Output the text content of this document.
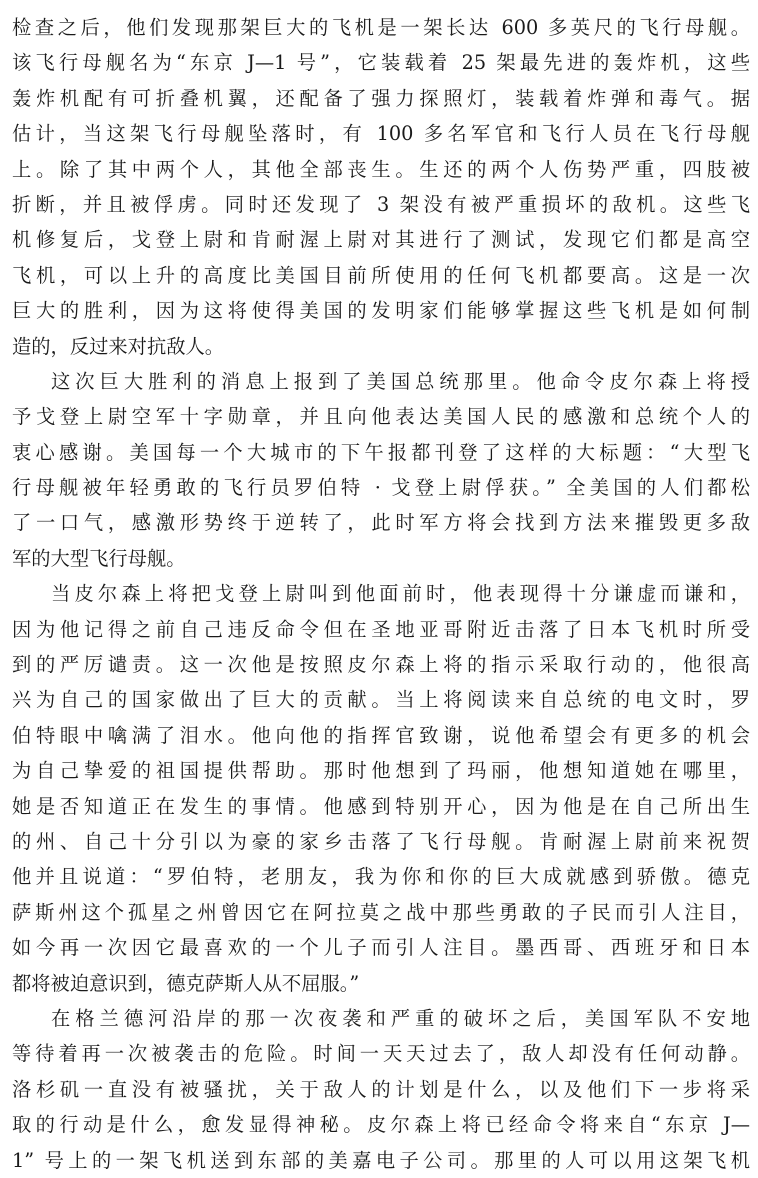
检查之后，他们发现那架巨大的飞机是一架长达 600 多英尺的飞行母舰。
该飞行母舰名为“东京 J—1 号”，它装载着 25 架最先进的轰炸机，这些
轰炸机配有可折叠机翼，还配备了强力探照灯，装载着炸弹和毒气。据
估计，当这架飞行母舰坠落时，有 100 多名军官和飞行人员在飞行母舰
上。除了其中两个人，其他全部丧生。生还的两个人伤势严重，四肢被
折断，并且被俘虏。同时还发现了 3 架没有被严重损坏的敌机。这些飞
机修复后，戈登上尉和肯耐渥上尉对其进行了测试，发现它们都是高空
飞机，可以上升的高度比美国目前所使用的任何飞机都要高。这是一次
巨大的胜利，因为这将使得美国的发明家们能够掌握这些飞机是如何制
造的，反过来对抗敌人。
这次巨大胜利的消息上报到了美国总统那里。他命令皮尔森上将授
予戈登上尉空军十字勋章，并且向他表达美国人民的感激和总统个人的
衷心感谢。美国每一个大城市的下午报都刊登了这样的大标题：“大型飞
行母舰被年轻勇敢的飞行员罗伯特 · 戈登上尉俘获。” 全美国的人们都松
了一口气，感激形势终于逆转了，此时军方将会找到方法来摧毁更多敌
军的大型飞行母舰。
当皮尔森上将把戈登上尉叫到他面前时，他表现得十分谦虚而谦和，
因为他记得之前自己违反命令但在圣地亚哥附近击落了日本飞机时所受
到的严厉谴责。这一次他是按照皮尔森上将的指示采取行动的，他很高
兴为自己的国家做出了巨大的贡献。当上将阅读来自总统的电文时，罗
伯特眼中噙满了泪水。他向他的指挥官致谢，说他希望会有更多的机会
为自己挚爱的祖国提供帮助。那时他想到了玛丽，他想知道她在哪里，
她是否知道正在发生的事情。他感到特别开心，因为他是在自己所出生
的州、自己十分引以为豪的家乡击落了飞行母舰。肯耐渥上尉前来祝贺
他并且说道：“罗伯特，老朋友，我为你和你的巨大成就感到骄傲。德克
萨斯州这个孤星之州曾因它在阿拉莫之战中那些勇敢的子民而引人注目，
如今再一次因它最喜欢的一个儿子而引人注目。墨西哥、西班牙和日本
都将被迫意识到，德克萨斯人从不屈服。”
在格兰德河沿岸的那一次夜袭和严重的破坏之后，美国军队不安地
等待着再一次被袭击的危险。时间一天天过去了，敌人却没有任何动静。
洛杉矶一直没有被骚扰，关于敌人的计划是什么，以及他们下一步将采
取的行动是什么，愈发显得神秘。皮尔森上将已经命令将来自“东京 J—
1” 号上的一架飞机送到东部的美嘉电子公司。那里的人可以用这架飞机
